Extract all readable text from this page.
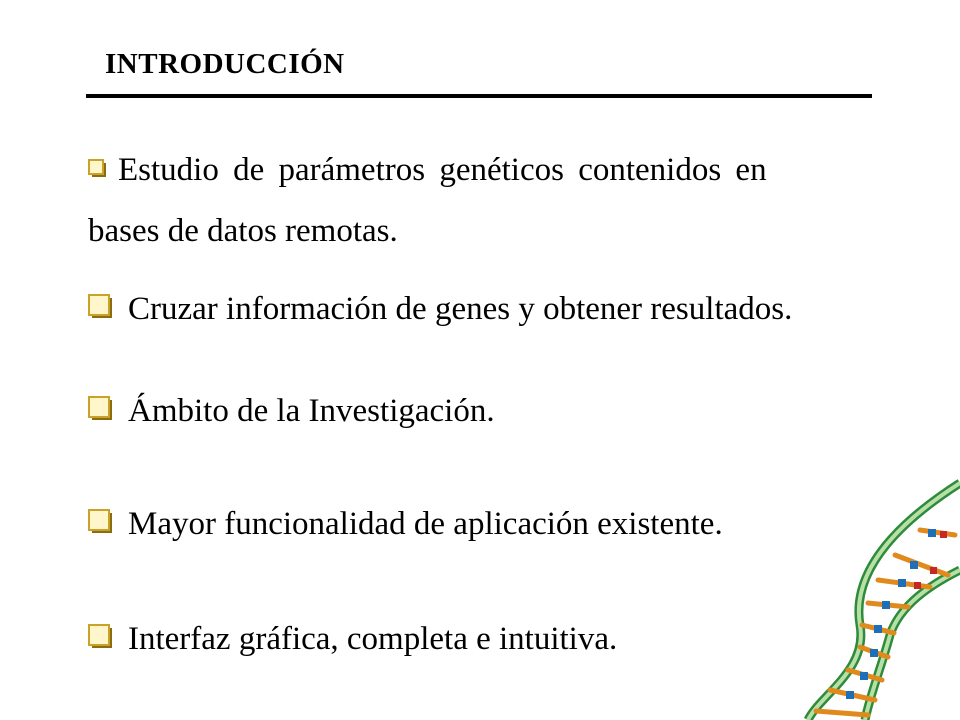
INTRODUCCIÓN
Estudio de parámetros genéticos contenidos en
bases de datos remotas.
Cruzar información de genes y obtener resultados.
Ámbito de la Investigación.
Mayor funcionalidad de aplicación existente.
Interfaz gráfica, completa e intuitiva.
